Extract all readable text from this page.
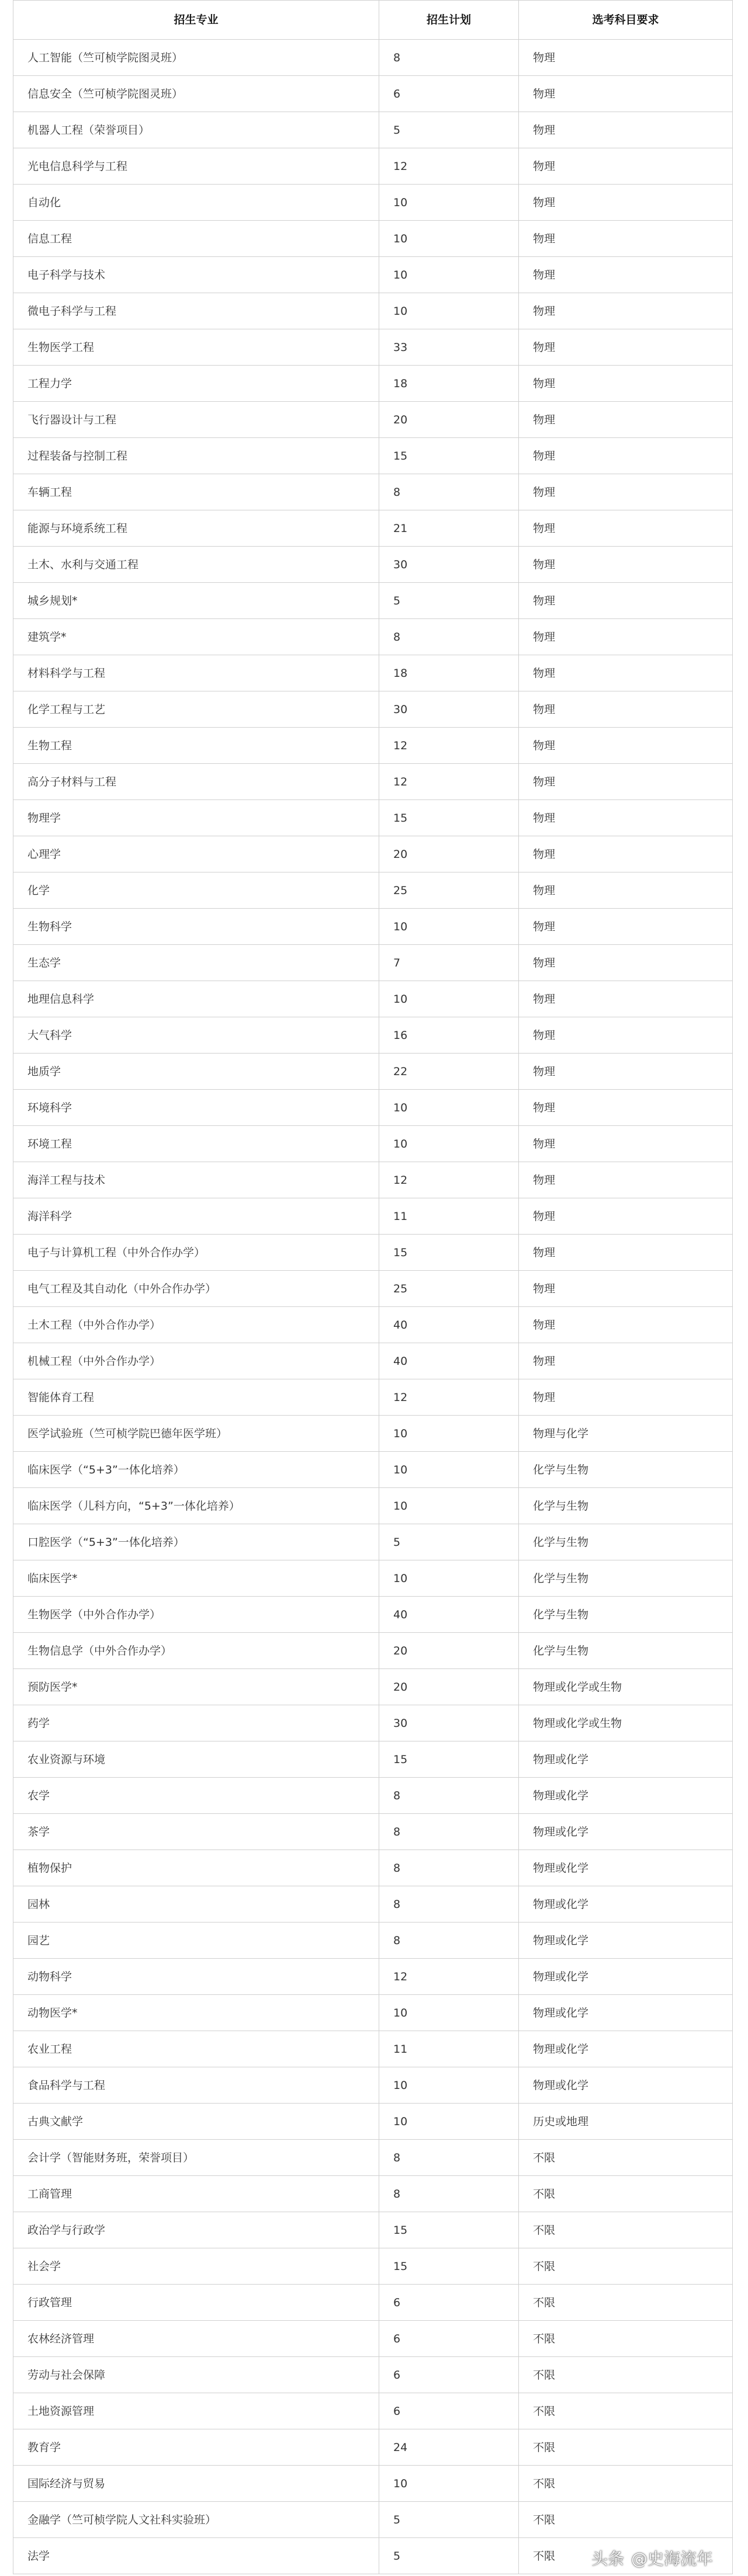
招生专业	招生计划	选考科目要求
人工智能（竺可桢学院图灵班）	8	物理
信息安全（竺可桢学院图灵班）	6	物理
机器人工程（荣誉项目）	5	物理
光电信息科学与工程	12	物理
自动化	10	物理
信息工程	10	物理
电子科学与技术	10	物理
微电子科学与工程	10	物理
生物医学工程	33	物理
工程力学	18	物理
飞行器设计与工程	20	物理
过程装备与控制工程	15	物理
车辆工程	8	物理
能源与环境系统工程	21	物理
土木、水利与交通工程	30	物理
城乡规划*	5	物理
建筑学*	8	物理
材料科学与工程	18	物理
化学工程与工艺	30	物理
生物工程	12	物理
高分子材料与工程	12	物理
物理学	15	物理
心理学	20	物理
化学	25	物理
生物科学	10	物理
生态学	7	物理
地理信息科学	10	物理
大气科学	16	物理
地质学	22	物理
环境科学	10	物理
环境工程	10	物理
海洋工程与技术	12	物理
海洋科学	11	物理
电子与计算机工程（中外合作办学）	15	物理
电气工程及其自动化（中外合作办学）	25	物理
土木工程（中外合作办学）	40	物理
机械工程（中外合作办学）	40	物理
智能体育工程	12	物理
医学试验班（竺可桢学院巴德年医学班）	10	物理与化学
临床医学（“5+3”一体化培养）	10	化学与生物
临床医学（儿科方向，“5+3”一体化培养）	10	化学与生物
口腔医学（“5+3”一体化培养）	5	化学与生物
临床医学*	10	化学与生物
生物医学（中外合作办学）	40	化学与生物
生物信息学（中外合作办学）	20	化学与生物
预防医学*	20	物理或化学或生物
药学	30	物理或化学或生物
农业资源与环境	15	物理或化学
农学	8	物理或化学
茶学	8	物理或化学
植物保护	8	物理或化学
园林	8	物理或化学
园艺	8	物理或化学
动物科学	12	物理或化学
动物医学*	10	物理或化学
农业工程	11	物理或化学
食品科学与工程	10	物理或化学
古典文献学	10	历史或地理
会计学（智能财务班，荣誉项目）	8	不限
工商管理	8	不限
政治学与行政学	15	不限
社会学	15	不限
行政管理	6	不限
农林经济管理	6	不限
劳动与社会保障	6	不限
土地资源管理	6	不限
教育学	24	不限
国际经济与贸易	10	不限
金融学（竺可桢学院人文社科实验班）	5	不限
法学	5	不限 头条 @史海流年
